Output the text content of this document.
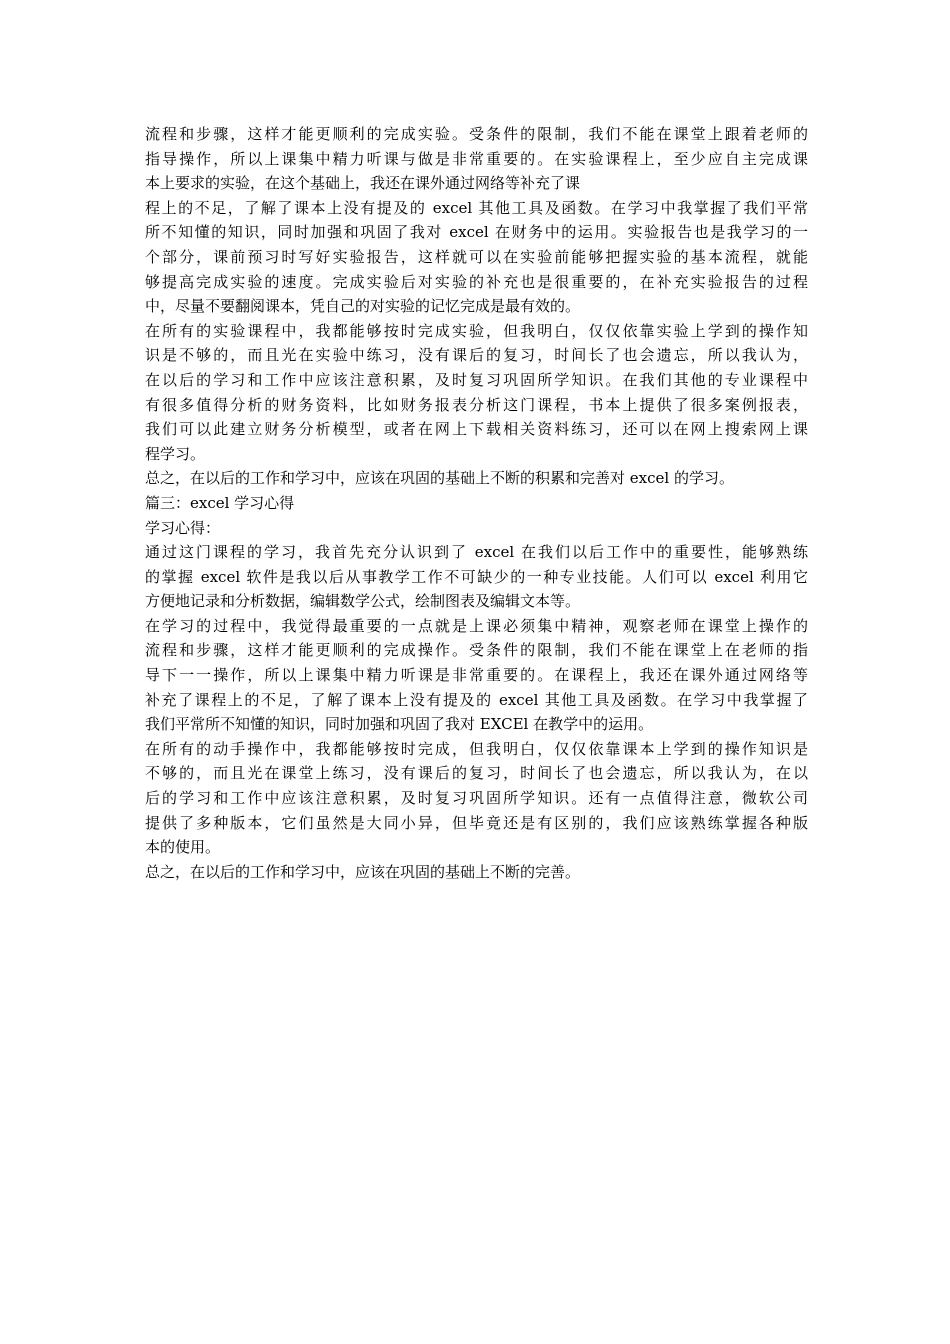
流程和步骤，这样才能更顺利的完成实验。受条件的限制，我们不能在课堂上跟着老师的
指导操作，所以上课集中精力听课与做是非常重要的。在实验课程上，至少应自主完成课
本上要求的实验，在这个基础上，我还在课外通过网络等补充了课
程上的不足，了解了课本上没有提及的 excel 其他工具及函数。在学习中我掌握了我们平常
所不知懂的知识，同时加强和巩固了我对 excel 在财务中的运用。实验报告也是我学习的一
个部分，课前预习时写好实验报告，这样就可以在实验前能够把握实验的基本流程，就能
够提高完成实验的速度。完成实验后对实验的补充也是很重要的，在补充实验报告的过程
中，尽量不要翻阅课本，凭自己的对实验的记忆完成是最有效的。
在所有的实验课程中，我都能够按时完成实验，但我明白，仅仅依靠实验上学到的操作知
识是不够的，而且光在实验中练习，没有课后的复习，时间长了也会遗忘，所以我认为，
在以后的学习和工作中应该注意积累，及时复习巩固所学知识。在我们其他的专业课程中
有很多值得分析的财务资料，比如财务报表分析这门课程，书本上提供了很多案例报表，
我们可以此建立财务分析模型，或者在网上下载相关资料练习，还可以在网上搜索网上课
程学习。
总之，在以后的工作和学习中，应该在巩固的基础上不断的积累和完善对 excel 的学习。
篇三：excel 学习心得
学习心得：
通过这门课程的学习，我首先充分认识到了 excel 在我们以后工作中的重要性，能够熟练
的掌握 excel 软件是我以后从事教学工作不可缺少的一种专业技能。人们可以 excel 利用它
方便地记录和分析数据，编辑数学公式，绘制图表及编辑文本等。
在学习的过程中，我觉得最重要的一点就是上课必须集中精神，观察老师在课堂上操作的
流程和步骤，这样才能更顺利的完成操作。受条件的限制，我们不能在课堂上在老师的指
导下一一操作，所以上课集中精力听课是非常重要的。在课程上，我还在课外通过网络等
补充了课程上的不足，了解了课本上没有提及的 excel 其他工具及函数。在学习中我掌握了
我们平常所不知懂的知识，同时加强和巩固了我对 EXCEl 在教学中的运用。
在所有的动手操作中，我都能够按时完成，但我明白，仅仅依靠课本上学到的操作知识是
不够的，而且光在课堂上练习，没有课后的复习，时间长了也会遗忘，所以我认为，在以
后的学习和工作中应该注意积累，及时复习巩固所学知识。还有一点值得注意，微软公司
提供了多种版本，它们虽然是大同小异，但毕竟还是有区别的，我们应该熟练掌握各种版
本的使用。
总之，在以后的工作和学习中，应该在巩固的基础上不断的完善。
